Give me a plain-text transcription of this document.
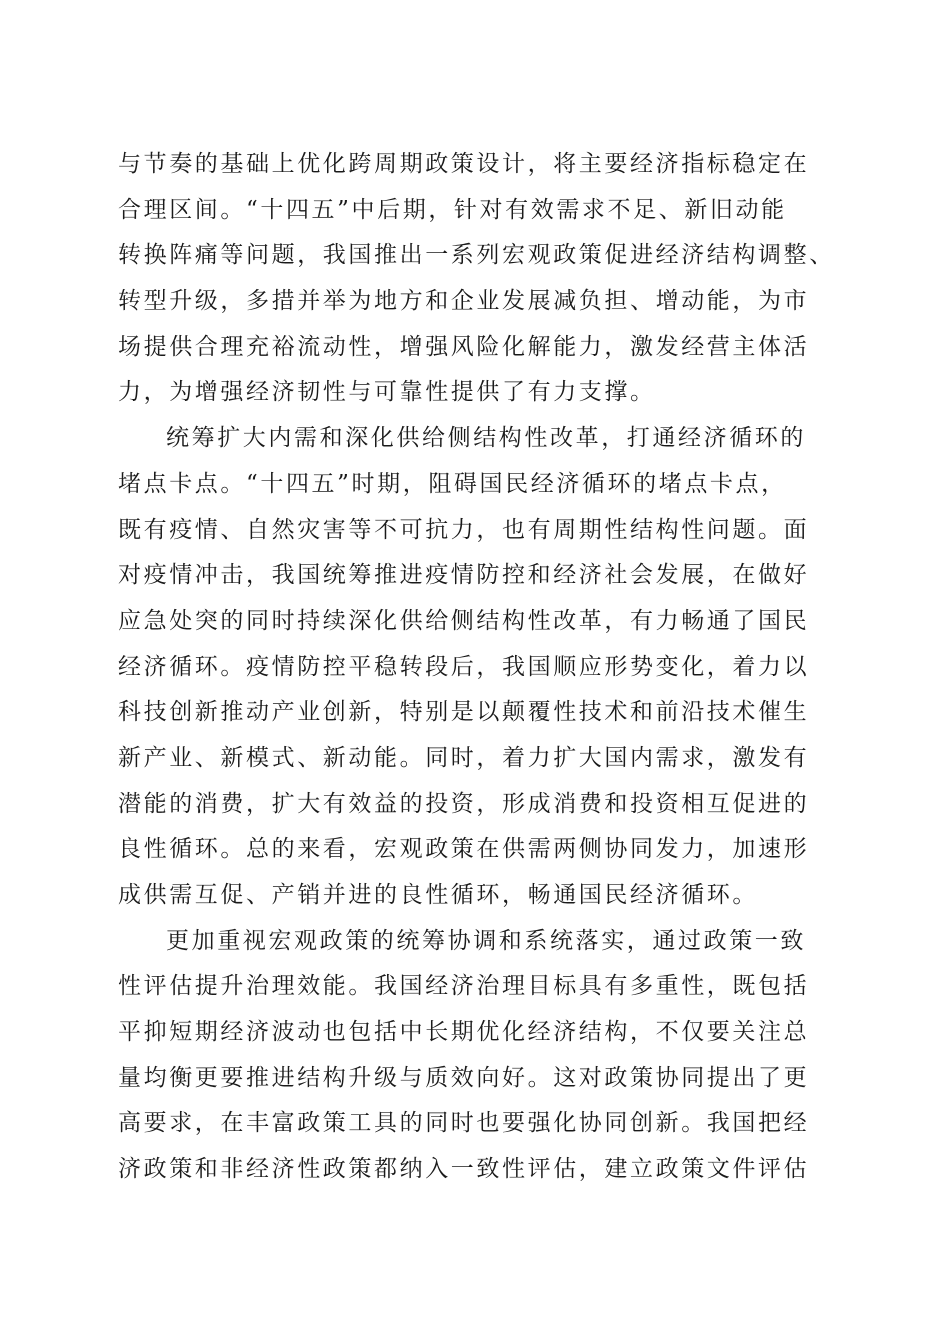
与节奏的基础上优化跨周期政策设计，将主要经济指标稳定在
合理区间。“十四五”中后期，针对有效需求不足、新旧动能
转换阵痛等问题，我国推出一系列宏观政策促进经济结构调整、
转型升级，多措并举为地方和企业发展减负担、增动能，为市
场提供合理充裕流动性，增强风险化解能力，激发经营主体活
力，为增强经济韧性与可靠性提供了有力支撑。
统筹扩大内需和深化供给侧结构性改革，打通经济循环的
堵点卡点。“十四五”时期，阻碍国民经济循环的堵点卡点，
既有疫情、自然灾害等不可抗力，也有周期性结构性问题。面
对疫情冲击，我国统筹推进疫情防控和经济社会发展，在做好
应急处突的同时持续深化供给侧结构性改革，有力畅通了国民
经济循环。疫情防控平稳转段后，我国顺应形势变化，着力以
科技创新推动产业创新，特别是以颠覆性技术和前沿技术催生
新产业、新模式、新动能。同时，着力扩大国内需求，激发有
潜能的消费，扩大有效益的投资，形成消费和投资相互促进的
良性循环。总的来看，宏观政策在供需两侧协同发力，加速形
成供需互促、产销并进的良性循环，畅通国民经济循环。
更加重视宏观政策的统筹协调和系统落实，通过政策一致
性评估提升治理效能。我国经济治理目标具有多重性，既包括
平抑短期经济波动也包括中长期优化经济结构，不仅要关注总
量均衡更要推进结构升级与质效向好。这对政策协同提出了更
高要求，在丰富政策工具的同时也要强化协同创新。我国把经
济政策和非经济性政策都纳入一致性评估，建立政策文件评估
